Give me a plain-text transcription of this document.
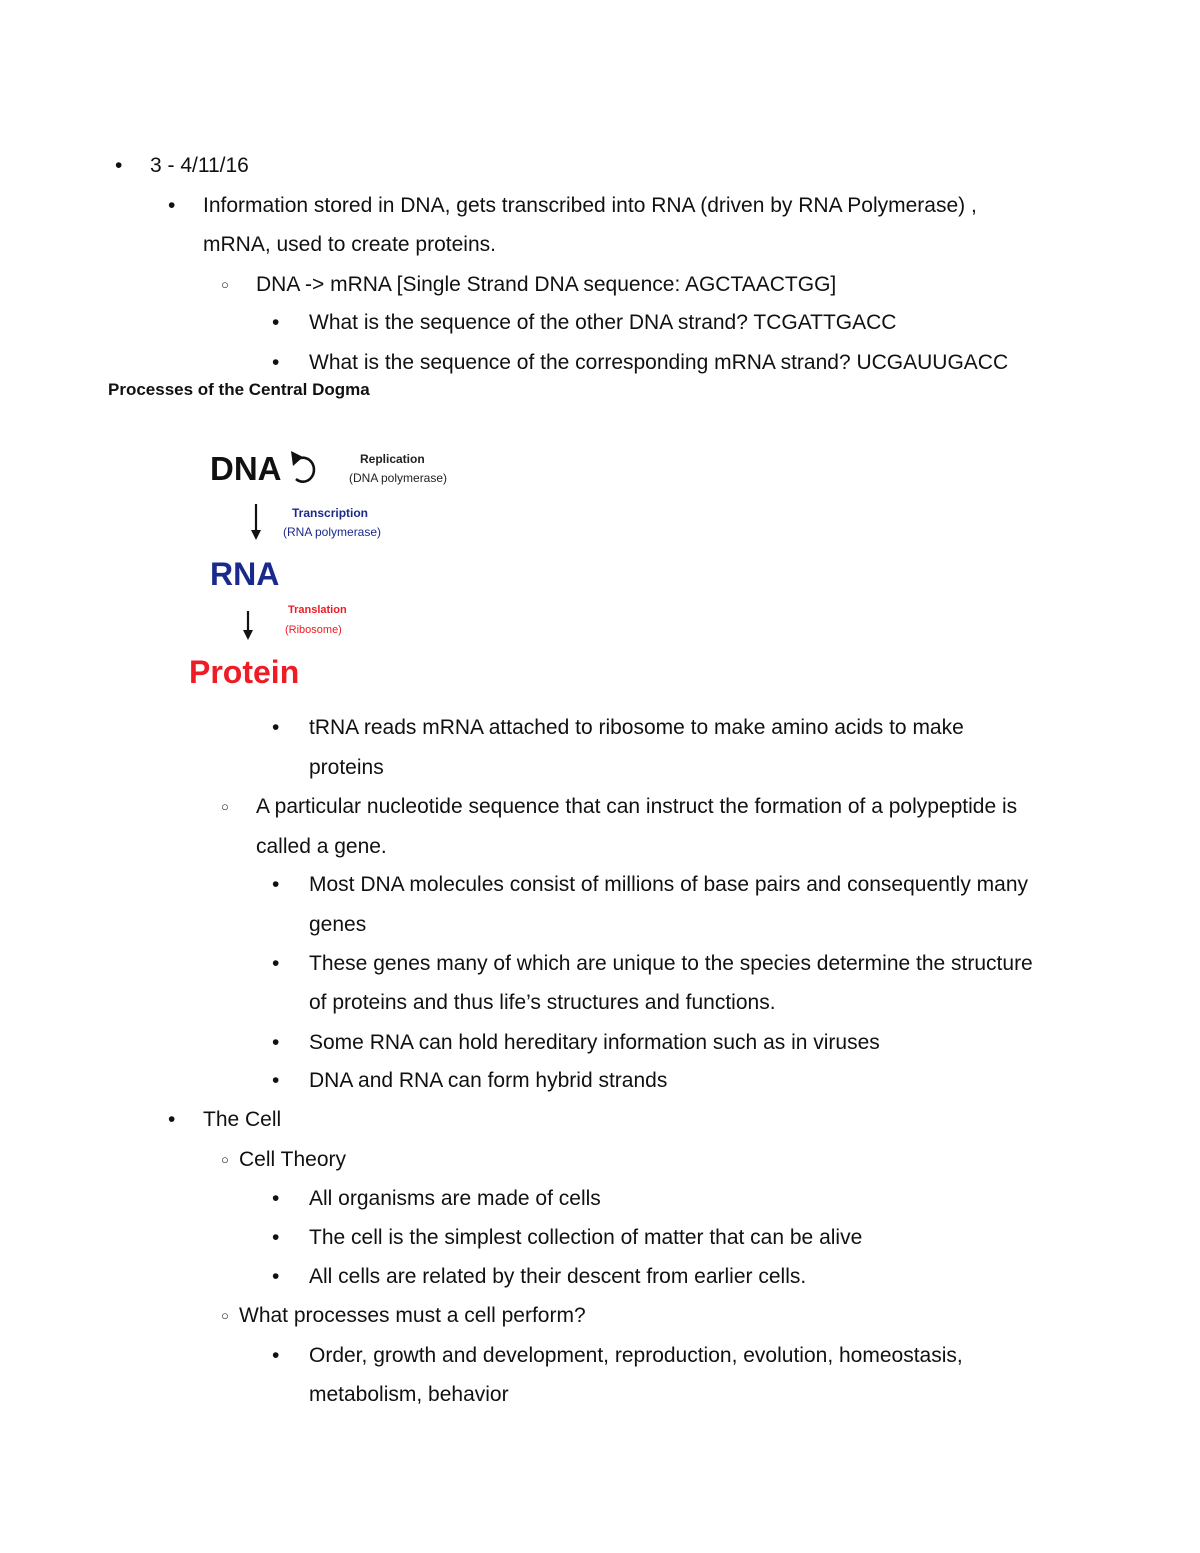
•
3 - 4/11/16
•
Information stored in DNA, gets transcribed into RNA (driven by RNA Polymerase) ,
mRNA, used to create proteins.
○
DNA -> mRNA [Single Strand DNA sequence: AGCTAACTGG]
•
What is the sequence of the other DNA strand? TCGATTGACC
•
What is the sequence of the corresponding mRNA strand? UCGAUUGACC
Processes of the Central Dogma
DNA	Replication
(DNA polymerase)
Transcription
(RNA polymerase)
RNA
Translation
(Ribosome)
Protein
•
tRNA reads mRNA attached to ribosome to make amino acids to make
proteins
○
A particular nucleotide sequence that can instruct the formation of a polypeptide is
called a gene.
•
Most DNA molecules consist of millions of base pairs and consequently many
genes
•
These genes many of which are unique to the species determine the structure
of proteins and thus life’s structures and functions.
•
Some RNA can hold hereditary information such as in viruses
•
DNA and RNA can form hybrid strands
•
The Cell
○
Cell Theory
•
All organisms are made of cells
•
The cell is the simplest collection of matter that can be alive
•
All cells are related by their descent from earlier cells.
○
What processes must a cell perform?
•
Order, growth and development, reproduction, evolution, homeostasis,
metabolism, behavior
